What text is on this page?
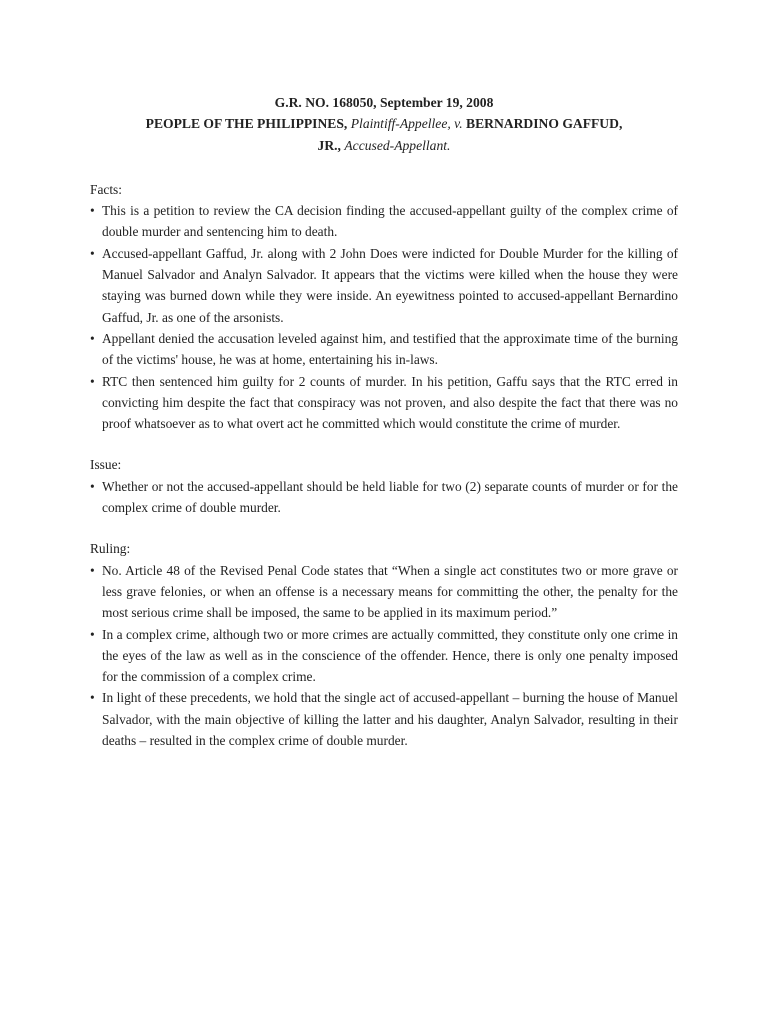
G.R. NO. 168050, September 19, 2008
PEOPLE OF THE PHILIPPINES, Plaintiff-Appellee, v. BERNARDINO GAFFUD,
JR., Accused-Appellant.

Facts:

• This is a petition to review the CA decision finding the accused-appellant guilty of the complex crime of double murder and sentencing him to death.
• Accused-appellant Gaffud, Jr. along with 2 John Does were indicted for Double Murder for the killing of Manuel Salvador and Analyn Salvador. It appears that the victims were killed when the house they were staying was burned down while they were inside. An eyewitness pointed to accused-appellant Bernardino Gaffud, Jr. as one of the arsonists.
• Appellant denied the accusation leveled against him, and testified that the approximate time of the burning of the victims' house, he was at home, entertaining his in-laws.
• RTC then sentenced him guilty for 2 counts of murder. In his petition, Gaffu says that the RTC erred in convicting him despite the fact that conspiracy was not proven, and also despite the fact that there was no proof whatsoever as to what overt act he committed which would constitute the crime of murder.

Issue:

• Whether or not the accused-appellant should be held liable for two (2) separate counts of murder or for the complex crime of double murder.

Ruling:

• No. Article 48 of the Revised Penal Code states that “When a single act constitutes two or more grave or less grave felonies, or when an offense is a necessary means for committing the other, the penalty for the most serious crime shall be imposed, the same to be applied in its maximum period.”
• In a complex crime, although two or more crimes are actually committed, they constitute only one crime in the eyes of the law as well as in the conscience of the offender. Hence, there is only one penalty imposed for the commission of a complex crime.
• In light of these precedents, we hold that the single act of accused-appellant – burning the house of Manuel Salvador, with the main objective of killing the latter and his daughter, Analyn Salvador, resulting in their deaths – resulted in the complex crime of double murder.
